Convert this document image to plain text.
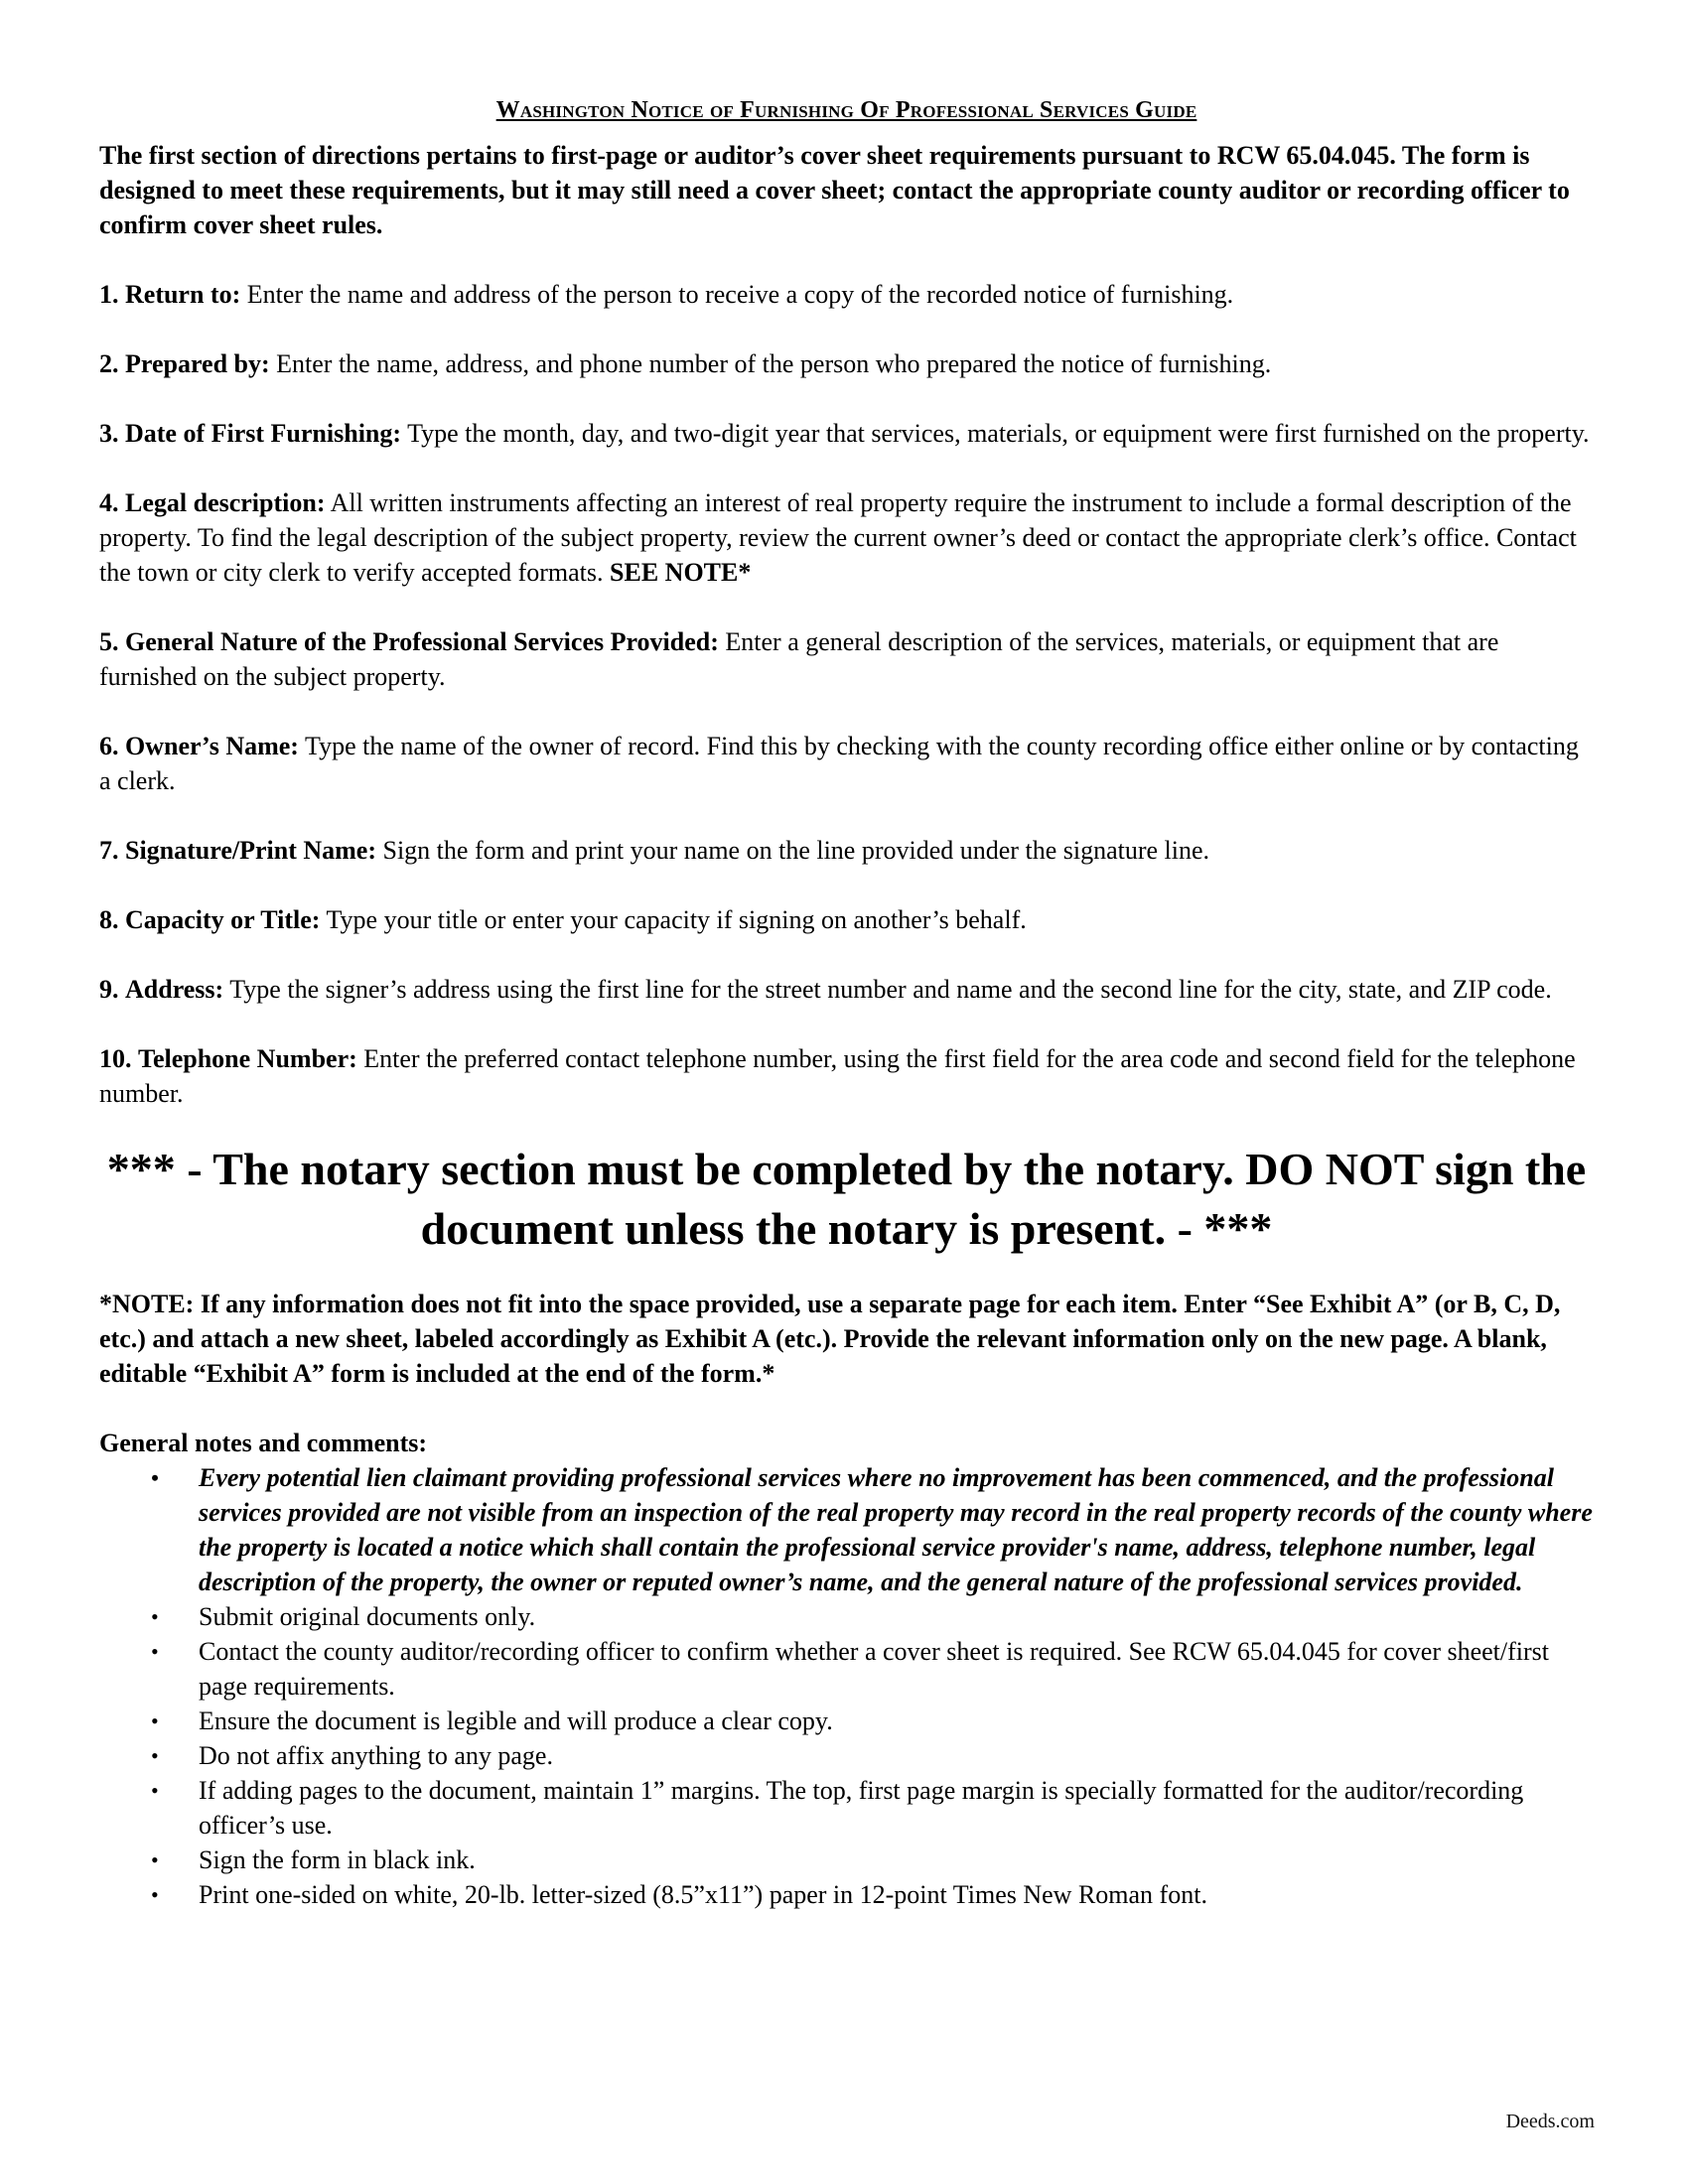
Washington Notice of Furnishing Of Professional Services Guide
The first section of directions pertains to first-page or auditor’s cover sheet requirements pursuant to RCW 65.04.045. The form is designed to meet these requirements, but it may still need a cover sheet; contact the appropriate county auditor or recording officer to confirm cover sheet rules.
1. Return to: Enter the name and address of the person to receive a copy of the recorded notice of furnishing.
2. Prepared by: Enter the name, address, and phone number of the person who prepared the notice of furnishing.
3. Date of First Furnishing: Type the month, day, and two-digit year that services, materials, or equipment were first furnished on the property.
4. Legal description: All written instruments affecting an interest of real property require the instrument to include a formal description of the property. To find the legal description of the subject property, review the current owner’s deed or contact the appropriate clerk’s office. Contact the town or city clerk to verify accepted formats. SEE NOTE*
5. General Nature of the Professional Services Provided: Enter a general description of the services, materials, or equipment that are furnished on the subject property.
6. Owner’s Name: Type the name of the owner of record. Find this by checking with the county recording office either online or by contacting a clerk.
7. Signature/Print Name: Sign the form and print your name on the line provided under the signature line.
8. Capacity or Title: Type your title or enter your capacity if signing on another’s behalf.
9. Address: Type the signer’s address using the first line for the street number and name and the second line for the city, state, and ZIP code.
10. Telephone Number: Enter the preferred contact telephone number, using the first field for the area code and second field for the telephone number.
*** - The notary section must be completed by the notary. DO NOT sign the document unless the notary is present. - ***
*NOTE: If any information does not fit into the space provided, use a separate page for each item. Enter “See Exhibit A” (or B, C, D, etc.) and attach a new sheet, labeled accordingly as Exhibit A (etc.). Provide the relevant information only on the new page. A blank, editable “Exhibit A” form is included at the end of the form.*
General notes and comments:
• Every potential lien claimant providing professional services where no improvement has been commenced, and the professional services provided are not visible from an inspection of the real property may record in the real property records of the county where the property is located a notice which shall contain the professional service provider's name, address, telephone number, legal description of the property, the owner or reputed owner’s name, and the general nature of the professional services provided.
• Submit original documents only.
• Contact the county auditor/recording officer to confirm whether a cover sheet is required. See RCW 65.04.045 for cover sheet/first page requirements.
• Ensure the document is legible and will produce a clear copy.
• Do not affix anything to any page.
• If adding pages to the document, maintain 1” margins. The top, first page margin is specially formatted for the auditor/recording officer’s use.
• Sign the form in black ink.
• Print one-sided on white, 20-lb. letter-sized (8.5”x11”) paper in 12-point Times New Roman font.
Deeds.com
